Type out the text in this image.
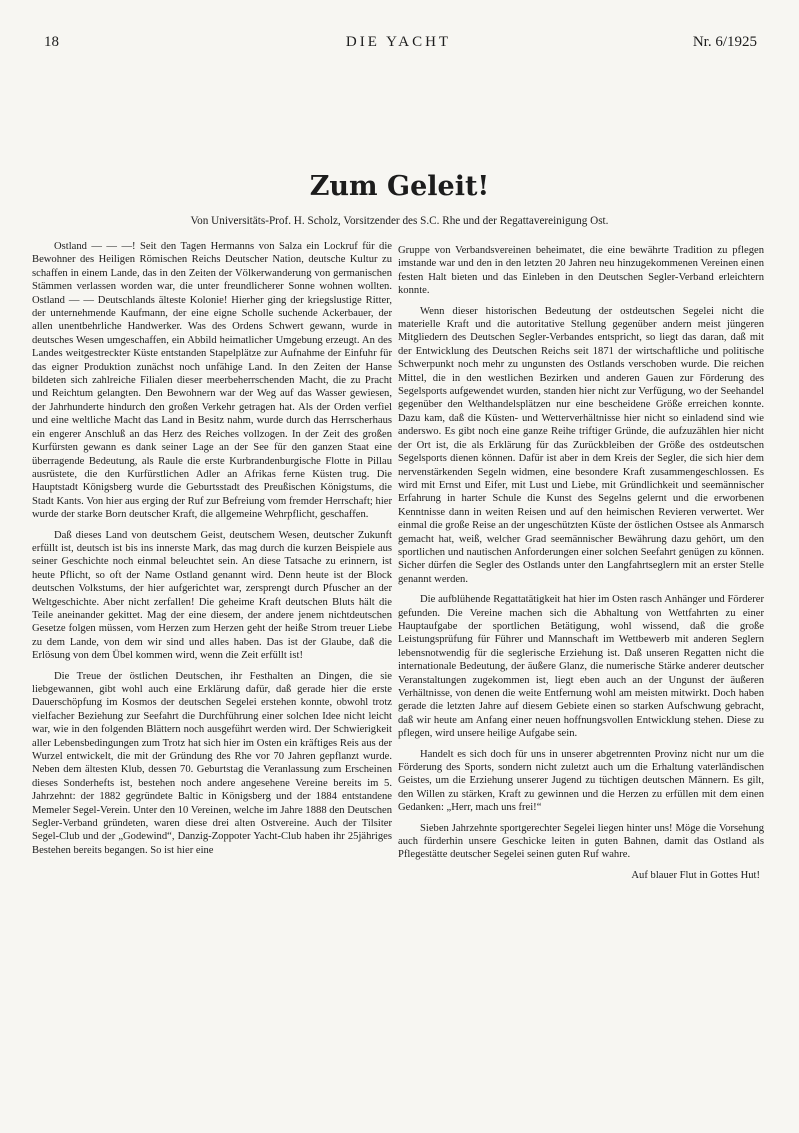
18	DIE YACHT	Nr. 6/1925
Zum Geleit!
Von Universitäts-Prof. H. Scholz, Vorsitzender des S.C. Rhe und der Regattavereinigung Ost.

Ostland — — —! Seit den Tagen Hermanns von Salza ein Lockruf für die Bewohner des Heiligen Römischen Reichs Deutscher Nation, deutsche Kultur zu schaffen in einem Lande, das in den Zeiten der Völkerwanderung von germanischen Stämmen verlassen worden war, die unter freundlicherer Sonne wohnen wollten. Ostland — — Deutschlands älteste Kolonie! Hierher ging der kriegslustige Ritter, der unternehmende Kaufmann, der eine eigne Scholle suchende Ackerbauer, der allen unentbehrliche Handwerker. Was des Ordens Schwert gewann, wurde in deutsches Wesen umgeschaffen, ein Abbild heimatlicher Umgebung erzeugt. An des Landes weitgestreckter Küste entstanden Stapelplätze zur Aufnahme der Einfuhr für das eigner Produktion zunächst noch unfähige Land. In den Zeiten der Hanse bildeten sich zahlreiche Filialen dieser meerbeherrschenden Macht, die zu Pracht und Reichtum gelangten. Den Bewohnern war der Weg auf das Wasser gewiesen, der Jahrhunderte hindurch den großen Verkehr getragen hat. Als der Orden verfiel und eine weltliche Macht das Land in Besitz nahm, wurde durch das Herrscherhaus ein engerer Anschluß an das Herz des Reiches vollzogen. In der Zeit des großen Kurfürsten gewann es dank seiner Lage an der See für den ganzen Staat eine überragende Bedeutung, als Raule die erste Kurbrandenburgische Flotte in Pillau ausrüstete, die den Kurfürstlichen Adler an Afrikas ferne Küsten trug. Die Hauptstadt Königsberg wurde die Geburtsstadt des Preußischen Königstums, die Stadt Kants. Von hier aus erging der Ruf zur Befreiung vom fremder Herrschaft; hier wurde der starke Born deutscher Kraft, die allgemeine Wehrpflicht, geschaffen.

Daß dieses Land von deutschem Geist, deutschem Wesen, deutscher Zukunft erfüllt ist, deutsch ist bis ins innerste Mark, das mag durch die kurzen Beispiele aus seiner Geschichte noch einmal beleuchtet sein. An diese Tatsache zu erinnern, ist heute Pflicht, so oft der Name Ostland genannt wird. Denn heute ist der Block deutschen Volkstums, der hier aufgerichtet war, zersprengt durch Pfuscher an der Weltgeschichte. Aber nicht zerfallen! Die geheime Kraft deutschen Bluts hält die Teile aneinander gekittet. Mag der eine diesem, der andere jenem nichtdeutschen Gesetze folgen müssen, vom Herzen zum Herzen geht der heiße Strom treuer Liebe zu dem Lande, von dem wir sind und alles haben. Das ist der Glaube, daß die Erlösung von dem Übel kommen wird, wenn die Zeit erfüllt ist!

Die Treue der östlichen Deutschen, ihr Festhalten an Dingen, die sie liebgewannen, gibt wohl auch eine Erklärung dafür, daß gerade hier die erste Dauerschöpfung im Kosmos der deutschen Segelei erstehen konnte, obwohl trotz vielfacher Beziehung zur Seefahrt die Durchführung einer solchen Idee nicht leicht war, wie in den folgenden Blättern noch ausgeführt werden wird. Der Schwierigkeit aller Lebensbedingungen zum Trotz hat sich hier im Osten ein kräftiges Reis aus der Wurzel entwickelt, die mit der Gründung des Rhe vor 70 Jahren gepflanzt wurde. Neben dem ältesten Klub, dessen 70. Geburtstag die Veranlassung zum Erscheinen dieses Sonderhefts ist, bestehen noch andere angesehene Vereine bereits im 5. Jahrzehnt: der 1882 gegründete Baltic in Königsberg und der 1884 entstandene Memeler Segel-Verein. Unter den 10 Vereinen, welche im Jahre 1888 den Deutschen Segler-Verband gründeten, waren diese drei alten Ostvereine. Auch der Tilsiter Segel-Club und der „Godewind“, Danzig-Zoppoter Yacht-Club haben ihr 25jähriges Bestehen bereits begangen. So ist hier eine

Gruppe von Verbandsvereinen beheimatet, die eine bewährte Tradition zu pflegen imstande war und den in den letzten 20 Jahren neu hinzugekommenen Vereinen einen festen Halt bieten und das Einleben in den Deutschen Segler-Verband erleichtern konnte.

Wenn dieser historischen Bedeutung der ostdeutschen Segelei nicht die materielle Kraft und die autoritative Stellung gegenüber andern meist jüngeren Mitgliedern des Deutschen Segler-Verbandes entspricht, so liegt das daran, daß mit der Entwicklung des Deutschen Reichs seit 1871 der wirtschaftliche und politische Schwerpunkt noch mehr zu ungunsten des Ostlands verschoben wurde. Die reichen Mittel, die in den westlichen Bezirken und anderen Gauen zur Förderung des Segelsports aufgewendet wurden, standen hier nicht zur Verfügung, wo der Seehandel gegenüber den Welthandelsplätzen nur eine bescheidene Größe erreichen konnte. Dazu kam, daß die Küsten- und Wetterverhältnisse hier nicht so einladend sind wie anderswo. Es gibt noch eine ganze Reihe triftiger Gründe, die aufzuzählen hier nicht der Ort ist, die als Erklärung für das Zurückbleiben der Größe des ostdeutschen Segelsports dienen können. Dafür ist aber in dem Kreis der Segler, die sich hier dem nervenstärkenden Segeln widmen, eine besondere Kraft zusammengeschlossen. Es wird mit Ernst und Eifer, mit Lust und Liebe, mit Gründlichkeit und seemännischer Erfahrung in harter Schule die Kunst des Segelns gelernt und die erworbenen Kenntnisse dann in weiten Reisen und auf den heimischen Revieren verwertet. Wer einmal die große Reise an der ungeschützten Küste der östlichen Ostsee als Anmarsch gemacht hat, weiß, welcher Grad seemännischer Bewährung dazu gehört, um den sportlichen und nautischen Anforderungen einer solchen Seefahrt genügen zu können. Sicher dürfen die Segler des Ostlands unter den Langfahrtseglern mit an erster Stelle genannt werden.

Die aufblühende Regattatätigkeit hat hier im Osten rasch Anhänger und Förderer gefunden. Die Vereine machen sich die Abhaltung von Wettfahrten zu einer Hauptaufgabe der sportlichen Betätigung, wohl wissend, daß die große Leistungsprüfung für Führer und Mannschaft im Wettbewerb mit anderen Seglern lebensnotwendig für die seglerische Erziehung ist. Daß unseren Regatten nicht die internationale Bedeutung, der äußere Glanz, die numerische Stärke anderer deutscher Veranstaltungen zugekommen ist, liegt eben auch an der Ungunst der äußeren Verhältnisse, von denen die weite Entfernung wohl am meisten mitwirkt. Doch haben gerade die letzten Jahre auf diesem Gebiete einen so starken Aufschwung gebracht, daß wir heute am Anfang einer neuen hoffnungsvollen Entwicklung stehen. Diese zu pflegen, wird unsere heilige Aufgabe sein.

Handelt es sich doch für uns in unserer abgetrennten Provinz nicht nur um die Förderung des Sports, sondern nicht zuletzt auch um die Erhaltung vaterländischen Geistes, um die Erziehung unserer Jugend zu tüchtigen deutschen Männern. Es gilt, den Willen zu stärken, Kraft zu gewinnen und die Herzen zu erfüllen mit dem einen Gedanken: „Herr, mach uns frei!“

Sieben Jahrzehnte sportgerechter Segelei liegen hinter uns! Möge die Vorsehung auch fürderhin unsere Geschicke leiten in guten Bahnen, damit das Ostland als Pflegestätte deutscher Segelei seinen guten Ruf wahre.

Auf blauer Flut in Gottes Hut!
